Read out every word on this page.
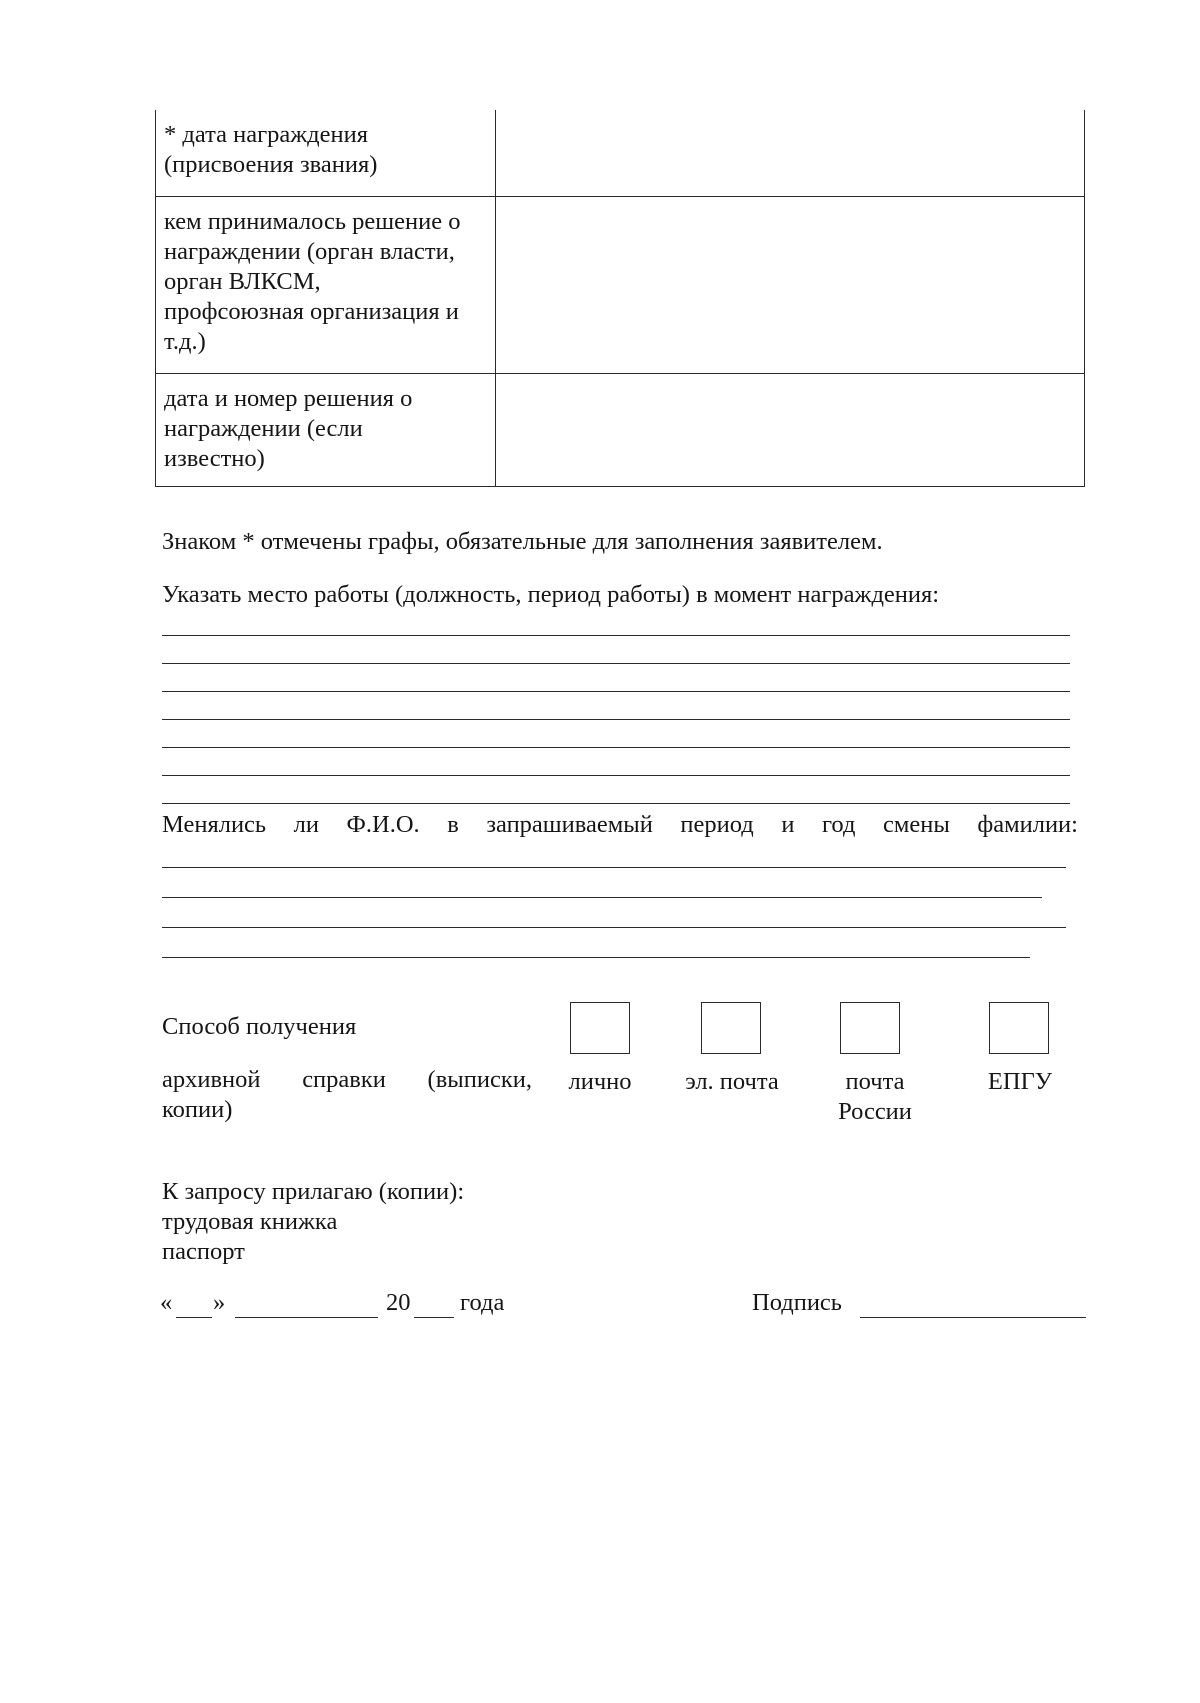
* дата награждения
(присвоения звания)	

кем принималось решение о
награждении (орган власти,
орган ВЛКСМ,
профсоюзная организация и
т.д.)	

дата и номер решения о
награждении (если
известно)	

Знаком * отмечены графы, обязательные для заполнения заявителем.
Указать место работы (должность, период работы) в момент награждения:
Менялись ли Ф.И.О. в запрашиваемый период и год смены фамилии:
Способ получения
архивной справки (выписки,
копии)
лично	эл. почта	почта
России
ЕПГУ
К запросу прилагаю (копии):
трудовая книжка
паспорт
« »	20 года	Подпись
